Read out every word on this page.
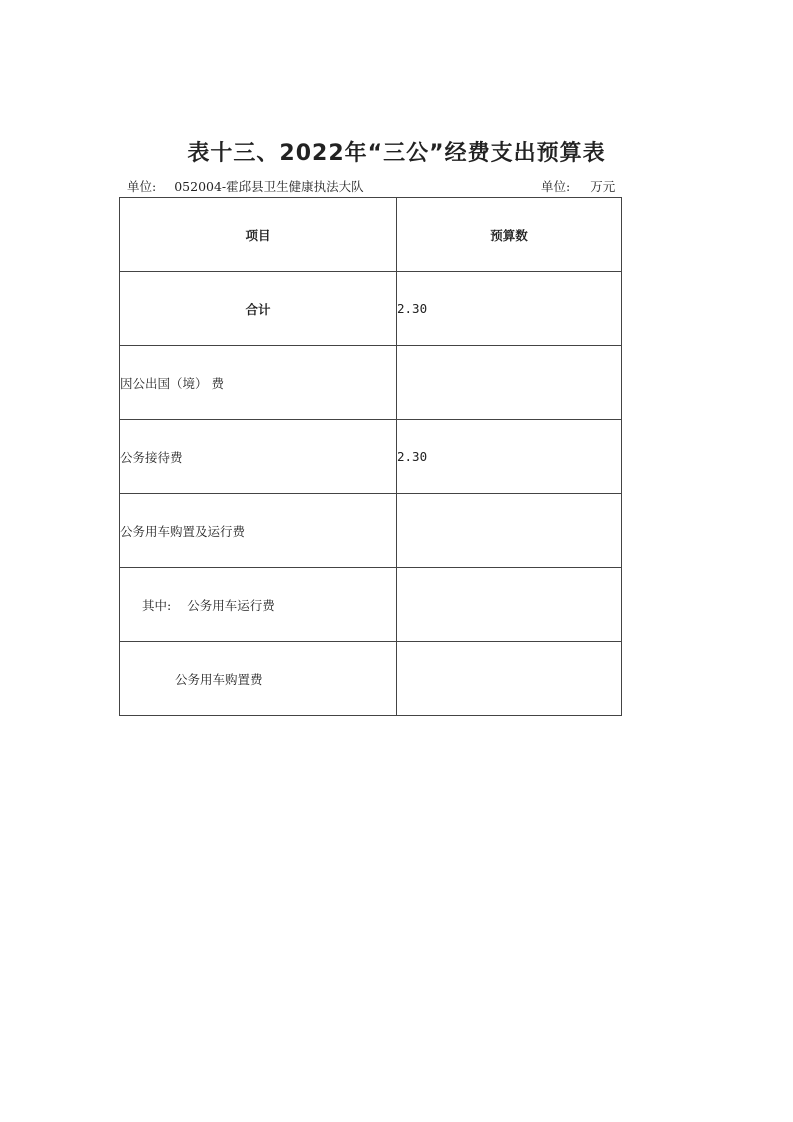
表十三、2022年“三公”经费支出预算表
单位: 052004-霍邱县卫生健康执法大队	单位: 万元
项目	预算数
合计	2.30
因公出国（境） 费	
公务接待费	2.30
公务用车购置及运行费	
其中: 公务用车运行费	
公务用车购置费	
